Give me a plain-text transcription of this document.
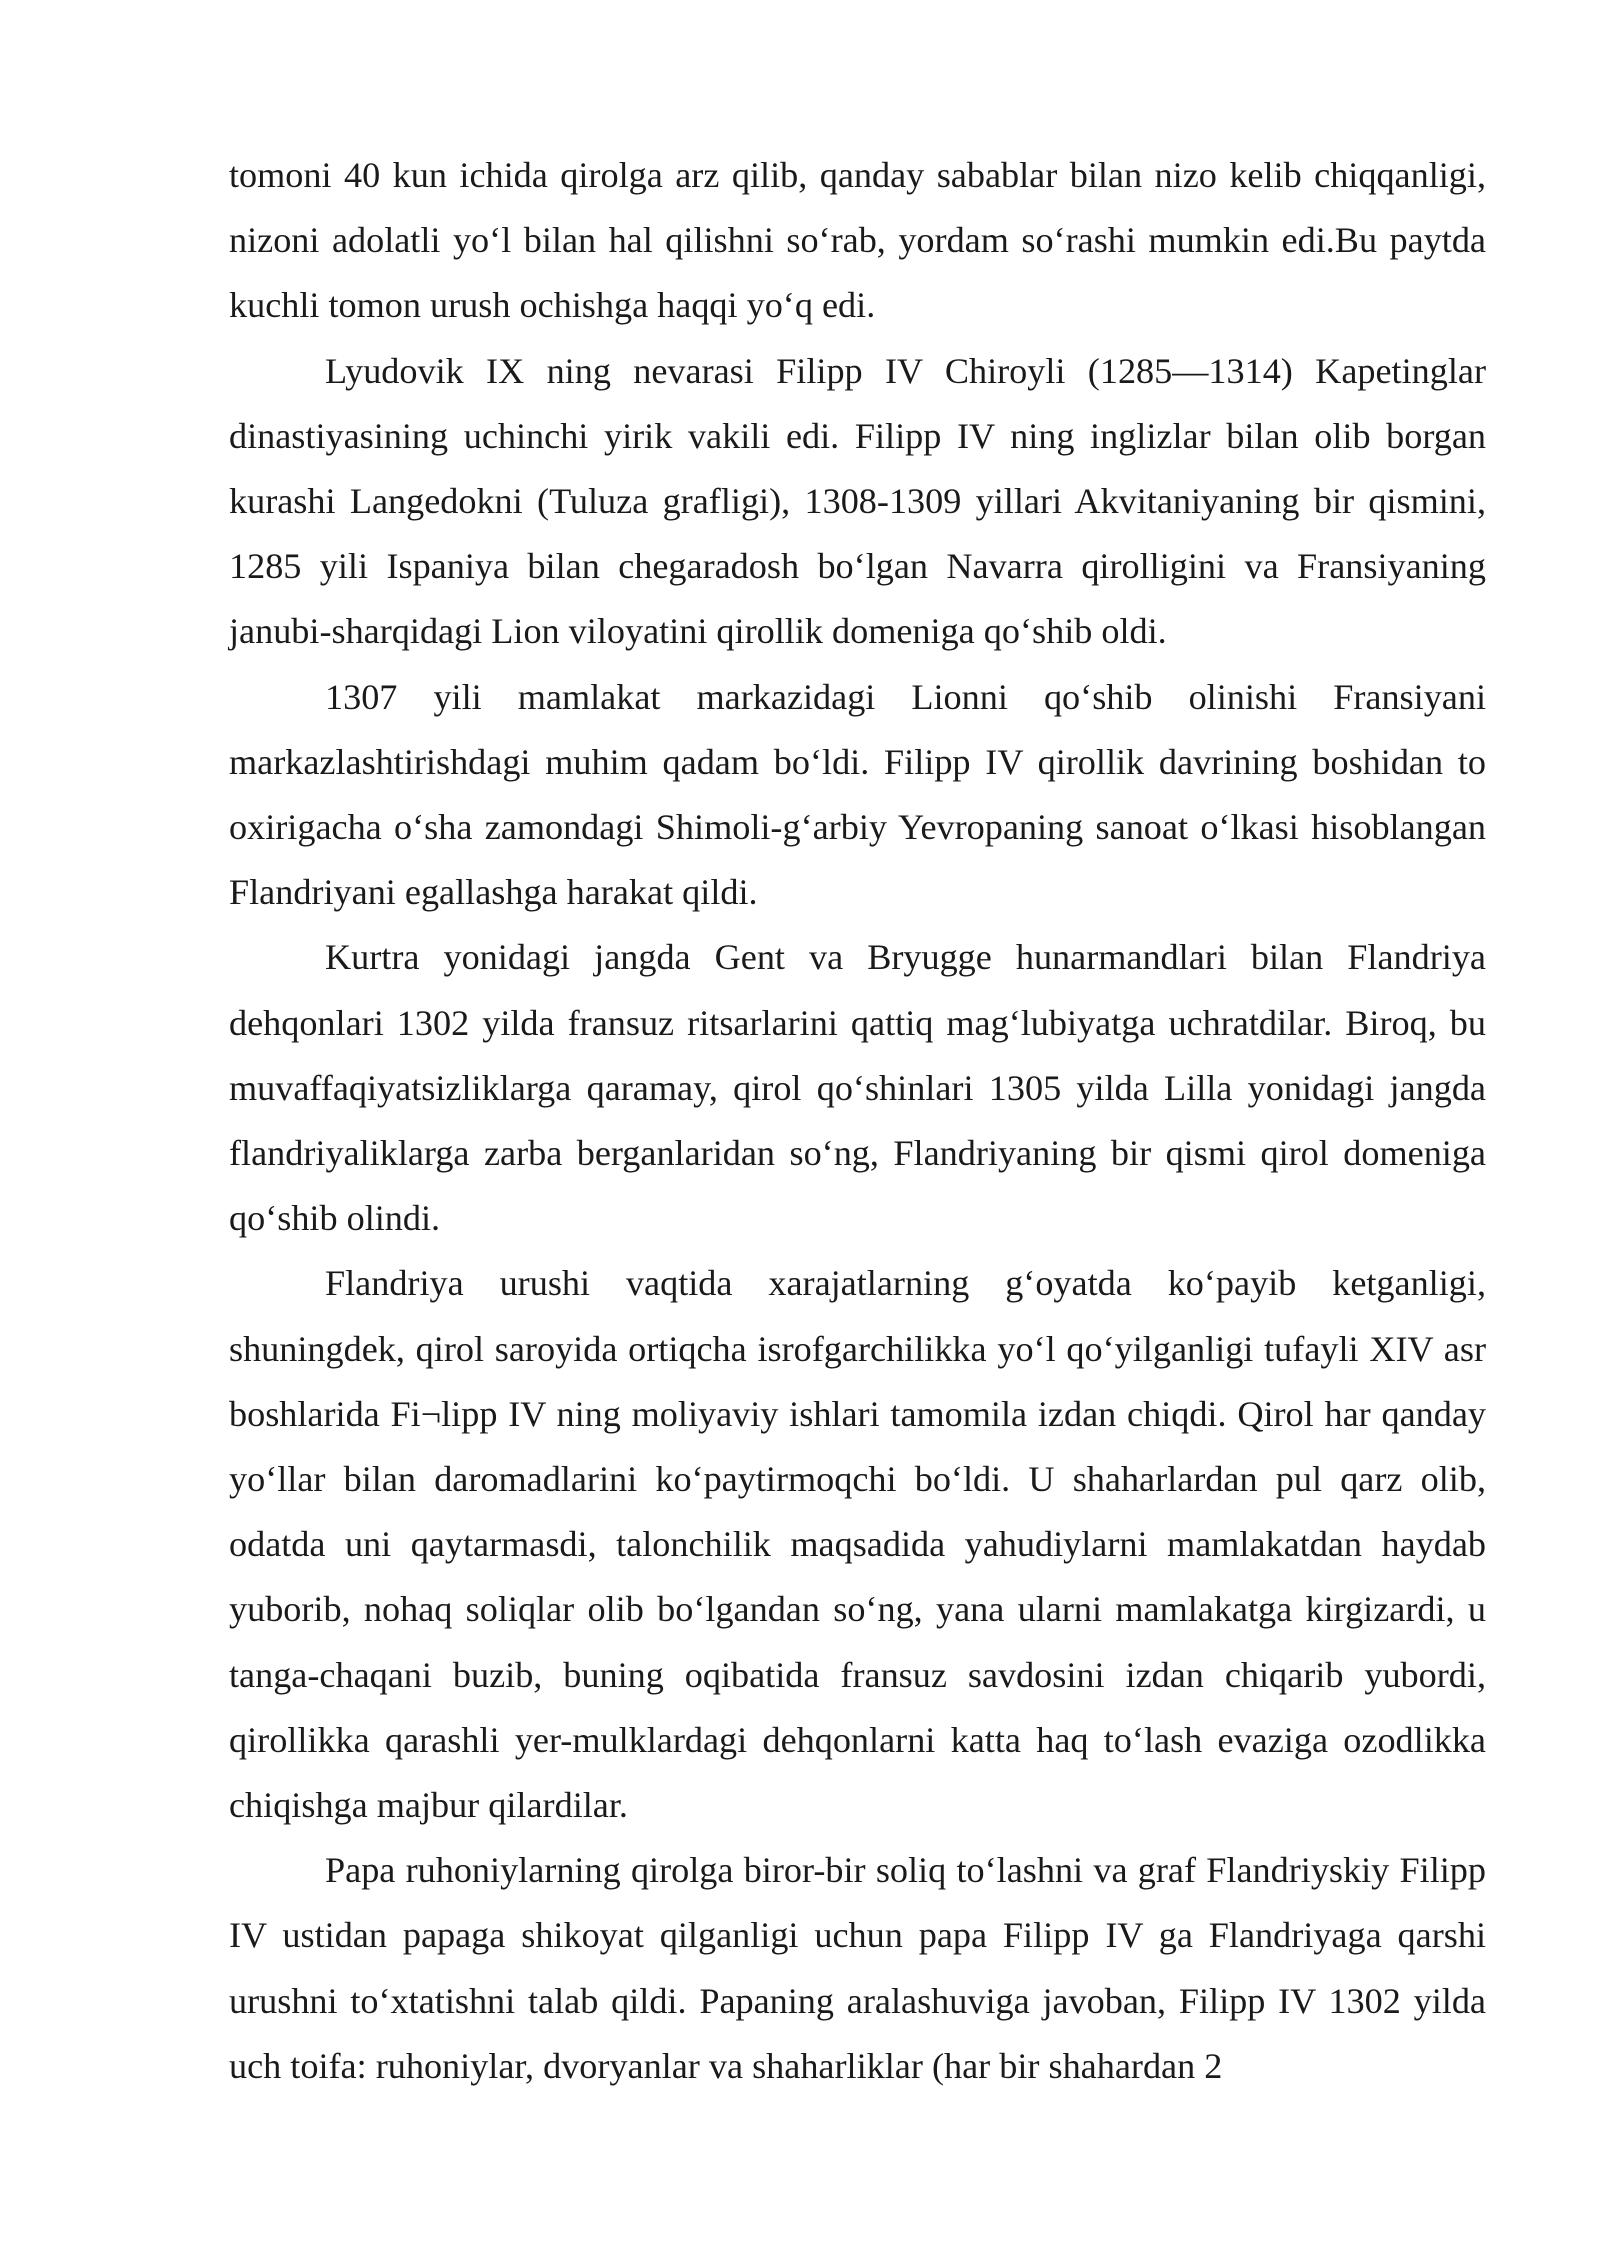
tomoni 40 kun ichida qirolga arz qilib, qanday sabablar bilan nizo kelib chiqqanligi, nizoni adolatli yo‘l bilan hal qilishni so‘rab, yordam so‘rashi mumkin edi.Bu paytda kuchli tomon urush ochishga haqqi yo‘q edi.

Lyudovik IX ning nevarasi Filipp IV Chiroyli (1285—1314) Kapetinglar dinastiyasining uchinchi yirik vakili edi. Filipp IV ning inglizlar bilan olib borgan kurashi Langedokni (Tuluza grafligi), 1308-1309 yillari Akvitaniyaning bir qismini, 1285 yili Ispaniya bilan chegaradosh bo‘lgan Navarra qirolligini va Fransiyaning janubi-sharqidagi Lion viloyatini qirollik domeniga qo‘shib oldi.

1307 yili mamlakat markazidagi Lionni qo‘shib olinishi Fransiyani markazlashtirishdagi muhim qadam bo‘ldi. Filipp IV qirollik davrining boshidan to oxirigacha o‘sha zamondagi Shimoli-g‘arbiy Yevropaning sanoat o‘lkasi hisoblangan Flandriyani egallashga harakat qildi.

Kurtra yonidagi jangda Gent va Bryugge hunarmandlari bilan Flandriya dehqonlari 1302 yilda fransuz ritsarlarini qattiq mag‘lubiyatga uchratdilar. Biroq, bu muvaffaqiyatsizliklarga qaramay, qirol qo‘shinlari 1305 yilda Lilla yonidagi jangda flandriyaliklarga zarba berganlaridan so‘ng, Flandriyaning bir qismi qirol domeniga qo‘shib olindi.

Flandriya urushi vaqtida xarajatlarning g‘oyatda ko‘payib ketganligi, shuningdek, qirol saroyida ortiqcha isrofgarchilikka yo‘l qo‘yilganligi tufayli XIV asr boshlarida Fi¬lipp IV ning moliyaviy ishlari tamomila izdan chiqdi. Qirol har qanday yo‘llar bilan daromadlarini ko‘paytirmoqchi bo‘ldi. U shaharlardan pul qarz olib, odatda uni qaytarmasdi, talonchilik maqsadida yahudiylarni mamlakatdan haydab yuborib, nohaq soliqlar olib bo‘lgandan so‘ng, yana ularni mamlakatga kirgizardi, u tanga-chaqani buzib, buning oqibatida fransuz savdosini izdan chiqarib yubordi, qirollikka qarashli yer-mulklardagi dehqonlarni katta haq to‘lash evaziga ozodlikka chiqishga majbur qilardilar.

Papa ruhoniylarning qirolga biror-bir soliq to‘lashni va graf Flandriyskiy Filipp IV ustidan papaga shikoyat qilganligi uchun papa Filipp IV ga Flandriyaga qarshi urushni to‘xtatishni talab qildi. Papaning aralashuviga javoban, Filipp IV 1302 yilda uch toifa: ruhoniylar, dvoryanlar va shaharliklar (har bir shahardan 2
